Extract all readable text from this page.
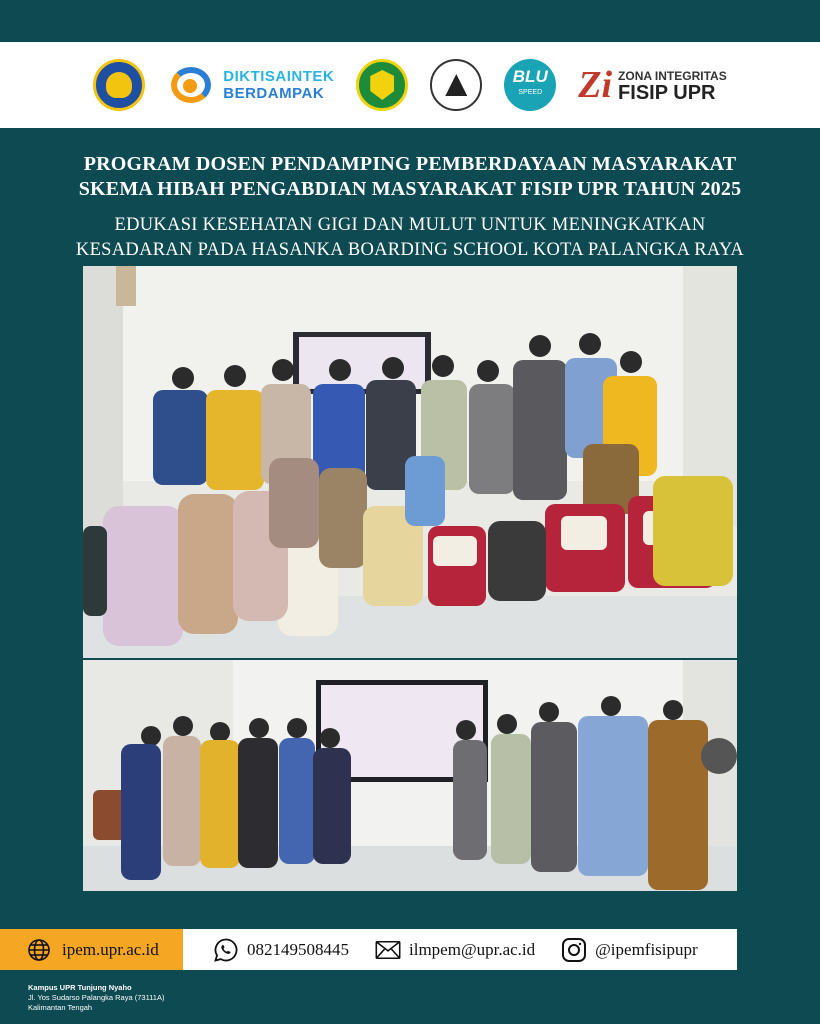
DIKTISAINTEK
BERDAMPAK
BLU
SPEED Zi ZONA INTEGRITAS
FISIP UPR
PROGRAM DOSEN PENDAMPING PEMBERDAYAAN MASYARAKAT
SKEMA HIBAH PENGABDIAN MASYARAKAT FISIP UPR TAHUN 2025
EDUKASI KESEHATAN GIGI DAN MULUT UNTUK MENINGKATKAN
KESADARAN PADA HASANKA BOARDING SCHOOL KOTA PALANGKA RAYA
ipem.upr.ac.id	082149508445	ilmpem@upr.ac.id	@ipemfisipupr
Kampus UPR Tunjung Nyaho
Jl. Yos Sudarso Palangka Raya (73111A)
Kalimantan Tengah
